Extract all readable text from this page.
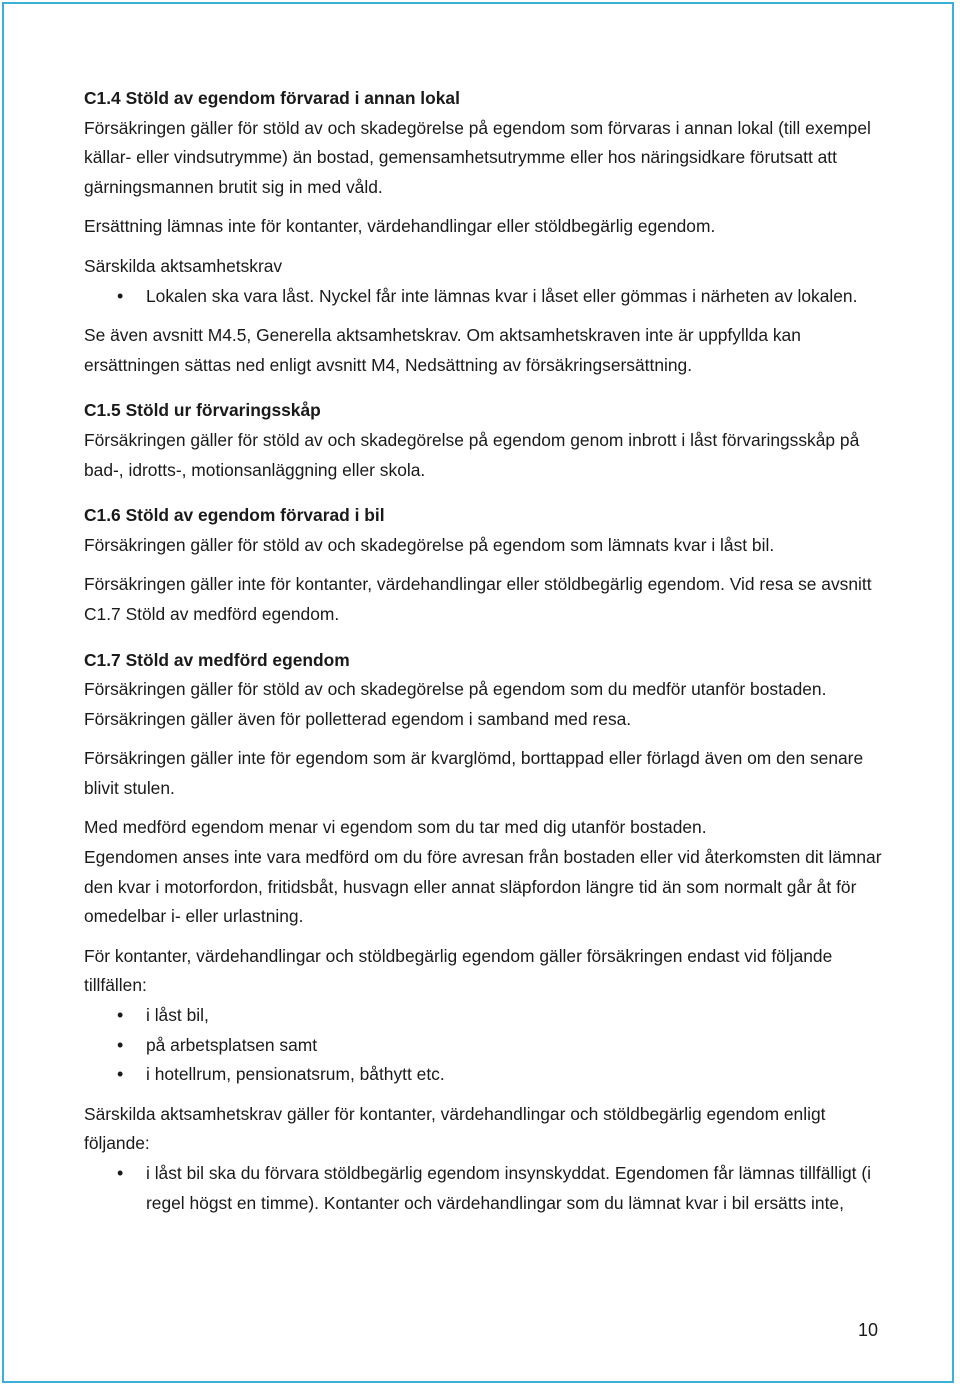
C1.4 Stöld av egendom förvarad i annan lokal

Försäkringen gäller för stöld av och skadegörelse på egendom som förvaras i annan lokal (till exempel källar- eller vindsutrymme) än bostad, gemensamhetsutrymme eller hos näringsidkare förutsatt att gärningsmannen brutit sig in med våld.

Ersättning lämnas inte för kontanter, värdehandlingar eller stöldbegärlig egendom.

Särskilda aktsamhetskrav

• Lokalen ska vara låst. Nyckel får inte lämnas kvar i låset eller gömmas i närheten av lokalen.

Se även avsnitt M4.5, Generella aktsamhetskrav. Om aktsamhetskraven inte är uppfyllda kan ersättningen sättas ned enligt avsnitt M4, Nedsättning av försäkringsersättning.

C1.5 Stöld ur förvaringsskåp

Försäkringen gäller för stöld av och skadegörelse på egendom genom inbrott i låst förvaringsskåp på bad-, idrotts-, motionsanläggning eller skola.

C1.6 Stöld av egendom förvarad i bil

Försäkringen gäller för stöld av och skadegörelse på egendom som lämnats kvar i låst bil.

Försäkringen gäller inte för kontanter, värdehandlingar eller stöldbegärlig egendom. Vid resa se avsnitt C1.7 Stöld av medförd egendom.

C1.7 Stöld av medförd egendom

Försäkringen gäller för stöld av och skadegörelse på egendom som du medför utanför bostaden. Försäkringen gäller även för polletterad egendom i samband med resa.

Försäkringen gäller inte för egendom som är kvarglömd, borttappad eller förlagd även om den senare blivit stulen.

Med medförd egendom menar vi egendom som du tar med dig utanför bostaden.

Egendomen anses inte vara medförd om du före avresan från bostaden eller vid återkomsten dit lämnar den kvar i motorfordon, fritidsbåt, husvagn eller annat släpfordon längre tid än som normalt går åt för omedelbar i- eller urlastning.

För kontanter, värdehandlingar och stöldbegärlig egendom gäller försäkringen endast vid följande tillfällen:

• i låst bil,
• på arbetsplatsen samt
• i hotellrum, pensionatsrum, båthytt etc.

Särskilda aktsamhetskrav gäller för kontanter, värdehandlingar och stöldbegärlig egendom enligt följande:

• i låst bil ska du förvara stöldbegärlig egendom insynskyddat. Egendomen får lämnas tillfälligt (i regel högst en timme). Kontanter och värdehandlingar som du lämnat kvar i bil ersätts inte,
10
